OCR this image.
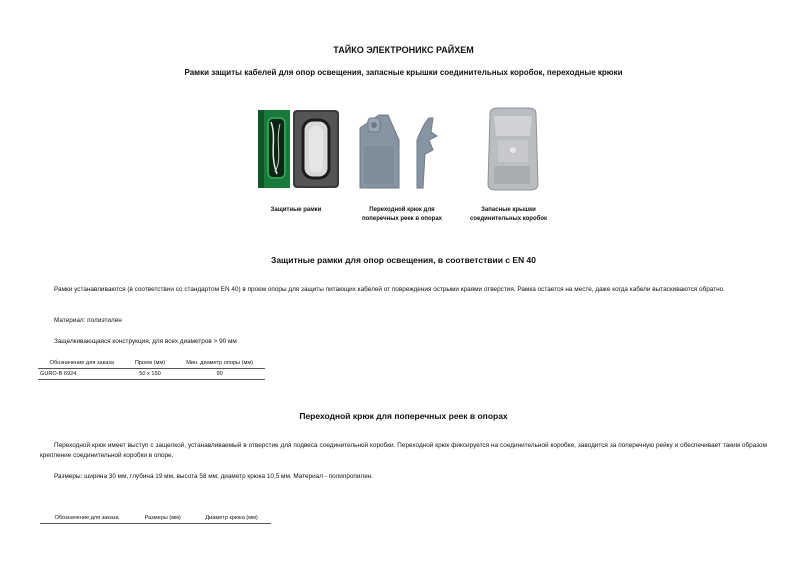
ТАЙКО ЭЛЕКТРОНИКС РАЙХЕМ
Рамки защиты кабелей для опор освещения, запасные крышки соединительных коробок, переходные крюки
Защитные рамки	Переходной крюк для
поперечных реек в опорах
Запасные крышки
соединительных коробок
Защитные рамки для опор освещения, в соответствии с EN 40
Рамки устанавливаются (в соответствии со стандартом EN 40) в проем опоры для защиты питающих кабелей от повреждения острыми краями отверстия. Рамка остается на месте, даже когда кабели вытаскиваются обратно.
Материал: полиэтилен
Защелкивающаяся конструкция, для всех диаметров > 90 мм
Обозначение для заказа	Проем (мм)	Мин. диаметр опоры (мм)
GURO-B 6924	50 x 150	90
Переходной крюк для поперечных реек в опорах
Переходной крюк имеет выступ с защелкой, устанавливаемый в отверстие для подвеса соединительной коробки. Переходной крюк фиксируется на соединительной коробке, заводится за поперечную рейку и обеспечивает таким образом крепление соединительной коробки в опоре.
Размеры: ширина 30 мм, глубина 19 мм, высота 58 мм; диаметр крюка 10,5 мм. Материал - полипропилен.
Обозначение для заказа	Размеры (мм)	Диаметр крюка (мм)
